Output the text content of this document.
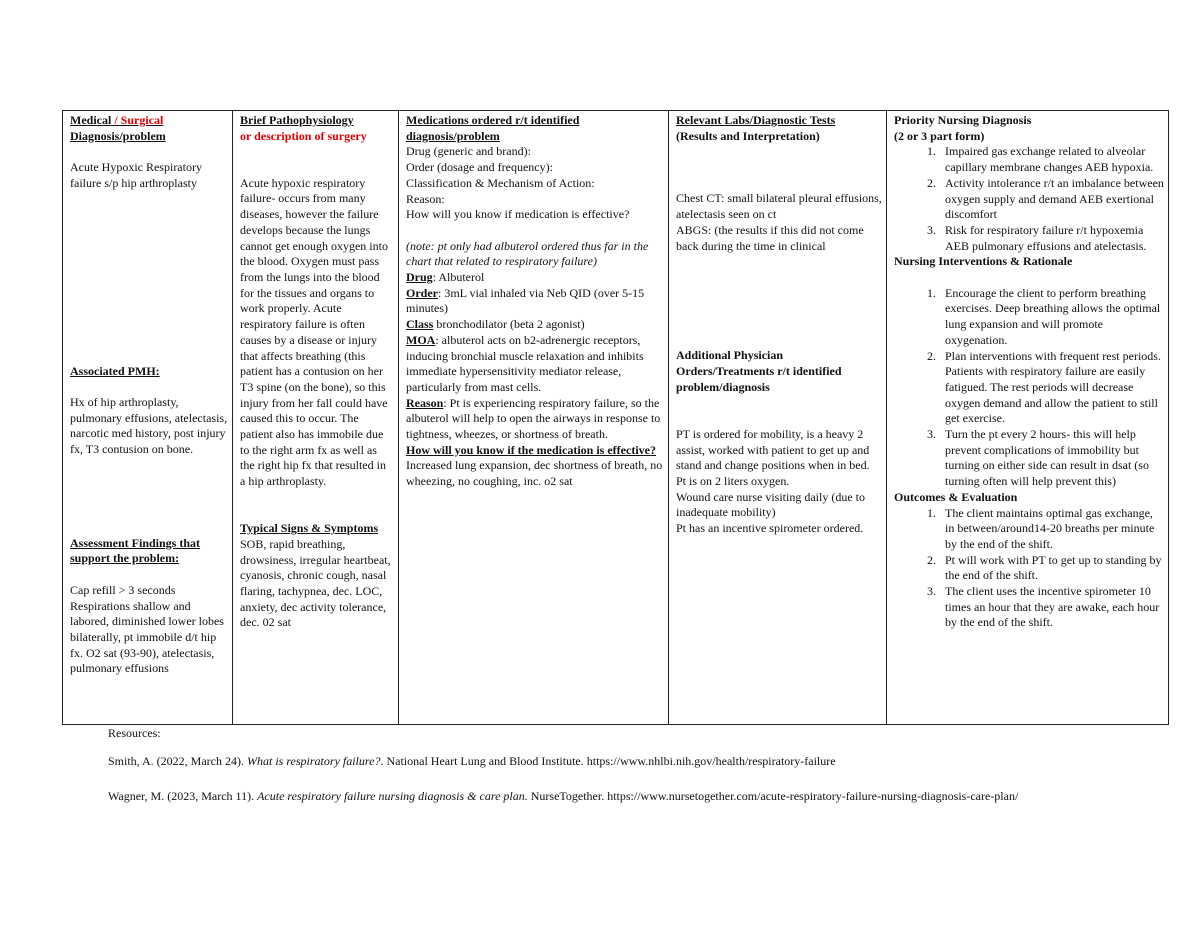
Medical / Surgical
Diagnosis/problem
Acute Hypoxic Respiratory failure s/p hip arthroplasty
Associated PMH:
Hx of hip arthroplasty, pulmonary effusions, atelectasis, narcotic med history, post injury fx, T3 contusion on bone.
Assessment Findings that support the problem:
Cap refill > 3 seconds
Respirations shallow and labored, diminished lower lobes bilaterally, pt immobile d/t hip fx. O2 sat (93-90), atelectasis, pulmonary effusions

Brief Pathophysiology
or description of surgery
Acute hypoxic respiratory failure- occurs from many diseases, however the failure develops because the lungs cannot get enough oxygen into the blood. Oxygen must pass from the lungs into the blood for the tissues and organs to work properly. Acute respiratory failure is often causes by a disease or injury that affects breathing (this patient has a contusion on her T3 spine (on the bone), so this injury from her fall could have caused this to occur. The patient also has immobile due to the right arm fx as well as the right hip fx that resulted in a hip arthroplasty.
Typical Signs & Symptoms
SOB, rapid breathing, drowsiness, irregular heartbeat, cyanosis, chronic cough, nasal flaring, tachypnea, dec. LOC, anxiety, dec activity tolerance, dec. 02 sat

Medications ordered r/t identified diagnosis/problem
Drug (generic and brand):
Order (dosage and frequency):
Classification & Mechanism of Action:
Reason:
How will you know if medication is effective?
(note: pt only had albuterol ordered thus far in the chart that related to respiratory failure)
Drug: Albuterol
Order: 3mL vial inhaled via Neb QID (over 5-15 minutes)
Class bronchodilator (beta 2 agonist)
MOA: albuterol acts on b2-adrenergic receptors, inducing bronchial muscle relaxation and inhibits immediate hypersensitivity mediator release, particularly from mast cells.
Reason: Pt is experiencing respiratory failure, so the albuterol will help to open the airways in response to tightness, wheezes, or shortness of breath.
How will you know if the medication is effective?
Increased lung expansion, dec shortness of breath, no wheezing, no coughing, inc. o2 sat

Relevant Labs/Diagnostic Tests
(Results and Interpretation)
Chest CT: small bilateral pleural effusions, atelectasis seen on ct
ABGS: (the results if this did not come back during the time in clinical
Additional Physician Orders/Treatments r/t identified problem/diagnosis
PT is ordered for mobility, is a heavy 2 assist, worked with patient to get up and stand and change positions when in bed.
Pt is on 2 liters oxygen.
Wound care nurse visiting daily (due to inadequate mobility)
Pt has an incentive spirometer ordered.

Priority Nursing Diagnosis
(2 or 3 part form)
1. Impaired gas exchange related to alveolar capillary membrane changes AEB hypoxia.
2. Activity intolerance r/t an imbalance between oxygen supply and demand AEB exertional discomfort
3. Risk for respiratory failure r/t hypoxemia AEB pulmonary effusions and atelectasis.
Nursing Interventions & Rationale
1. Encourage the client to perform breathing exercises. Deep breathing allows the optimal lung expansion and will promote oxygenation.
2. Plan interventions with frequent rest periods. Patients with respiratory failure are easily fatigued. The rest periods will decrease oxygen demand and allow the patient to still get exercise.
3. Turn the pt every 2 hours- this will help prevent complications of immobility but turning on either side can result in dsat (so turning often will help prevent this)
Outcomes & Evaluation
1. The client maintains optimal gas exchange, in between/around14-20 breaths per minute by the end of the shift.
2. Pt will work with PT to get up to standing by the end of the shift.
3. The client uses the incentive spirometer 10 times an hour that they are awake, each hour by the end of the shift.

Resources:

Smith, A. (2022, March 24). What is respiratory failure?. National Heart Lung and Blood Institute. https://www.nhlbi.nih.gov/health/respiratory-failure

Wagner, M. (2023, March 11). Acute respiratory failure nursing diagnosis & care plan. NurseTogether. https://www.nursetogether.com/acute-respiratory-failure-nursing-diagnosis-care-plan/
